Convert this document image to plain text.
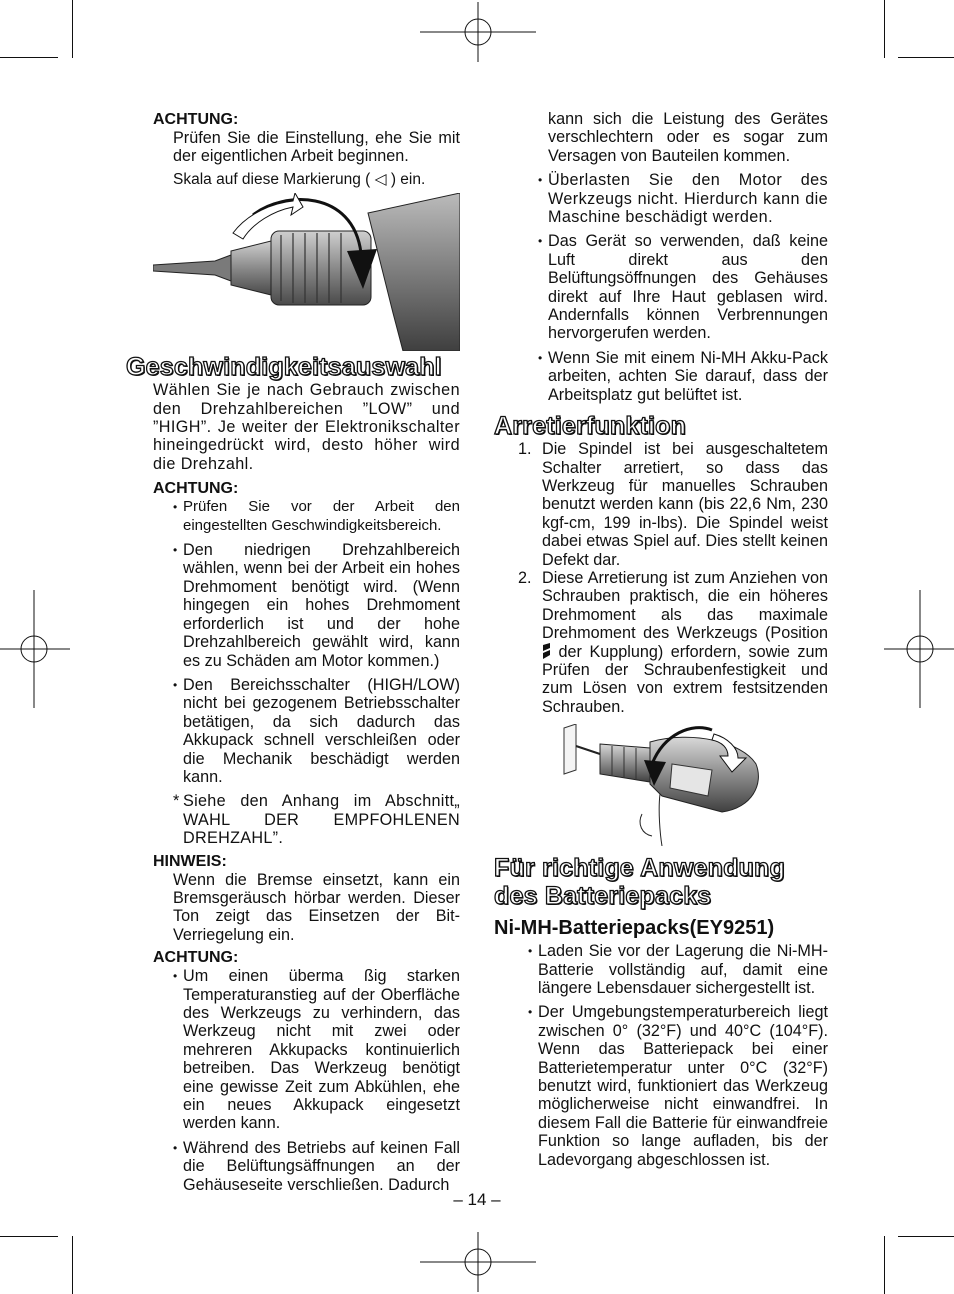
ACHTUNG:
Prüfen Sie die Einstellung, ehe Sie mit der eigentlichen Arbeit beginnen.
Skala auf diese Markierung ( ◁ ) ein.
Geschwindigkeitsauswahl
Wählen Sie je nach Gebrauch zwischen den Drehzahlbereichen ”LOW” und ”HIGH”. Je weiter der Elektronikschalter hineingedrückt wird, desto höher wird die Drehzahl.
ACHTUNG:
• Prüfen Sie vor der Arbeit den eingestellten Geschwindigkeitsbereich.
• Den niedrigen Drehzahlbereich wählen, wenn bei der Arbeit ein hohes Drehmoment benötigt wird. (Wenn hingegen ein hohes Drehmoment erforderlich ist und der hohe Drehzahlbereich gewählt wird, kann es zu Schäden am Motor kommen.)
• Den Bereichsschalter (HIGH/LOW) nicht bei gezogenem Betriebsschalter betätigen, da sich dadurch das Akkupack schnell verschleißen oder die Mechanik beschädigt werden kann.
* Siehe den Anhang im Abschnitt„ WAHL DER EMPFOHLENEN DREHZAHL”.
HINWEIS:
Wenn die Bremse einsetzt, kann ein Bremsgeräusch hörbar werden. Dieser Ton zeigt das Einsetzen der Bit-Verriegelung ein.
ACHTUNG:
• Um einen überma ßig starken Temperaturanstieg auf der Oberfläche des Werkzeugs zu verhindern, das Werkzeug nicht mit zwei oder mehreren Akkupacks kontinuierlich betreiben. Das Werkzeug benötigt eine gewisse Zeit zum Abkühlen, ehe ein neues Akkupack eingesetzt werden kann.
• Während des Betriebs auf keinen Fall die Belüftungsäffnungen an der Gehäuseseite verschließen. Dadurch
kann sich die Leistung des Gerätes verschlechtern oder es sogar zum Versagen von Bauteilen kommen.
• Überlasten Sie den Motor des Werkzeugs nicht. Hierdurch kann die Maschine beschädigt werden.
• Das Gerät so verwenden, daß keine Luft direkt aus den Belüftungsöffnungen des Gehäuses direkt auf Ihre Haut geblasen wird. Andernfalls können Verbrennungen hervorgerufen werden.
• Wenn Sie mit einem Ni-MH Akku-Pack arbeiten, achten Sie darauf, dass der Arbeitsplatz gut belüftet ist.
Arretierfunktion
1. Die Spindel ist bei ausgeschaltetem Schalter arretiert, so dass das Werkzeug für manuelles Schrauben benutzt werden kann (bis 22,6 Nm, 230 kgf-cm, 199 in-lbs). Die Spindel weist dabei etwas Spiel auf. Dies stellt keinen Defekt dar.
2. Diese Arretierung ist zum Anziehen von Schrauben praktisch, die ein höheres Drehmoment als das maximale Drehmoment des Werkzeugs (Position  der Kupplung) erfordern, sowie zum Prüfen der Schraubenfestigkeit und zum Lösen von extrem festsitzenden Schrauben.
Für richtige Anwendung des Batteriepacks
Ni-MH-Batteriepacks(EY9251)
• Laden Sie vor der Lagerung die Ni-MH-Batterie vollständig auf, damit eine längere Lebensdauer sichergestellt ist.
• Der Umgebungstemperaturbereich liegt zwischen 0° (32°F) und 40°C (104°F). Wenn das Batteriepack bei einer Batterietemperatur unter 0°C (32°F) benutzt wird, funktioniert das Werkzeug möglicherweise nicht einwandfrei. In diesem Fall die Batterie für einwandfreie Funktion so lange aufladen, bis der Ladevorgang abgeschlossen ist.
– 14 –
